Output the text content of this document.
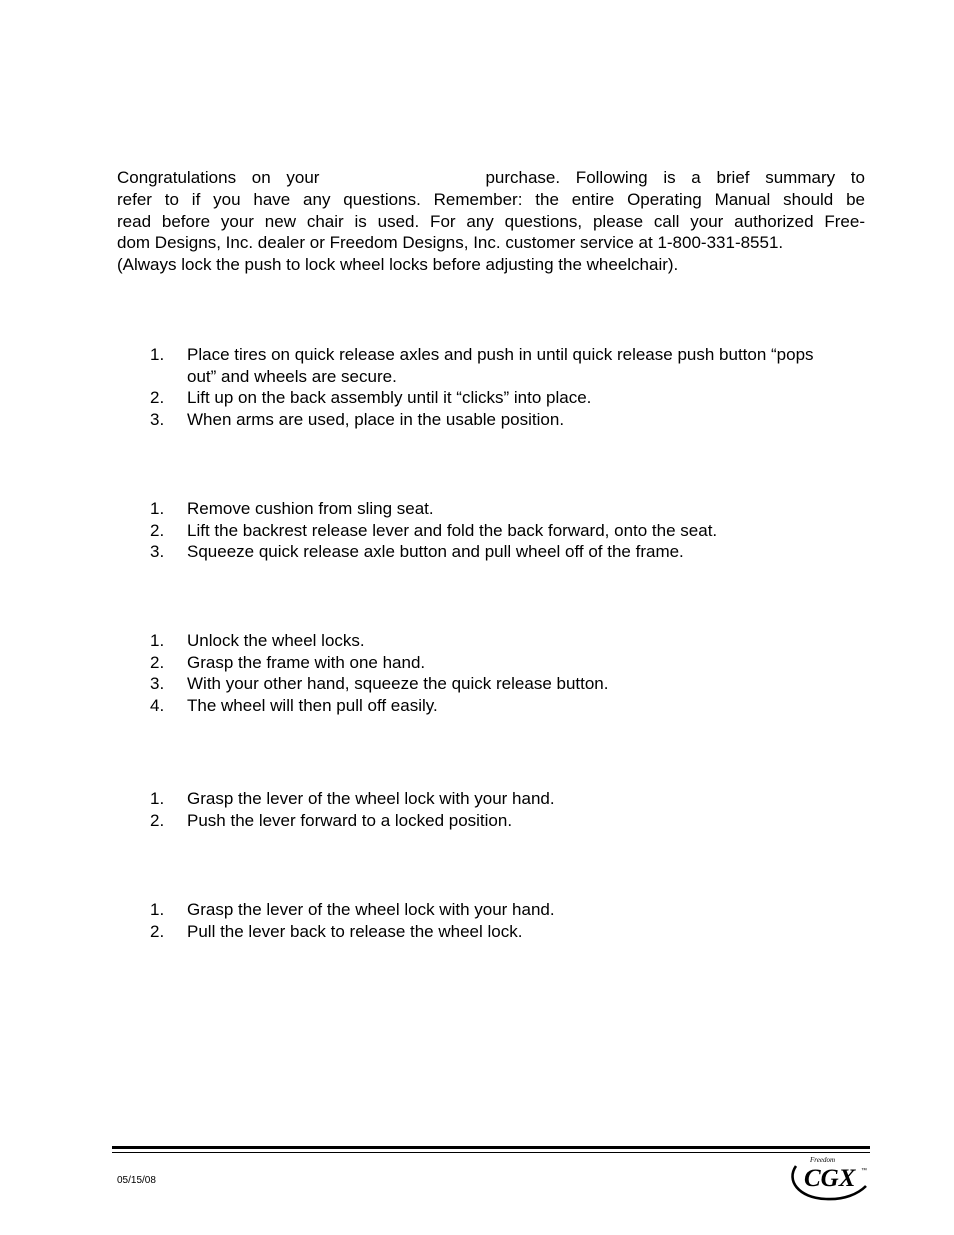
Congratulations on your	purchase. Following is a brief summary to

refer to if you have any questions. Remember: the entire Operating Manual should be

read before your new chair is used. For any questions, please call your authorized Free-

dom Designs, Inc. dealer or Freedom Designs, Inc. customer service at 1-800-331-8551.

(Always lock the push to lock wheel locks before adjusting the wheelchair).

1.	Place tires on quick release axles and push in until quick release push button “pops out” and wheels are secure.
2.	Lift up on the back assembly until it “clicks” into place.
3.	When arms are used, place in the usable position.
1.	Remove cushion from sling seat.
2.	Lift the backrest release lever and fold the back forward, onto the seat.
3.	Squeeze quick release axle button and pull wheel off of the frame.
1.	Unlock the wheel locks.
2.	Grasp the frame with one hand.
3.	With your other hand, squeeze the quick release button.
4.	The wheel will then pull off easily.
1.	Grasp the lever of the wheel lock with your hand.
2.	Push the lever forward to a locked position.
1.	Grasp the lever of the wheel lock with your hand.
2.	Pull the lever back to release the wheel lock.
05/15/08
Freedom
CGX ™
